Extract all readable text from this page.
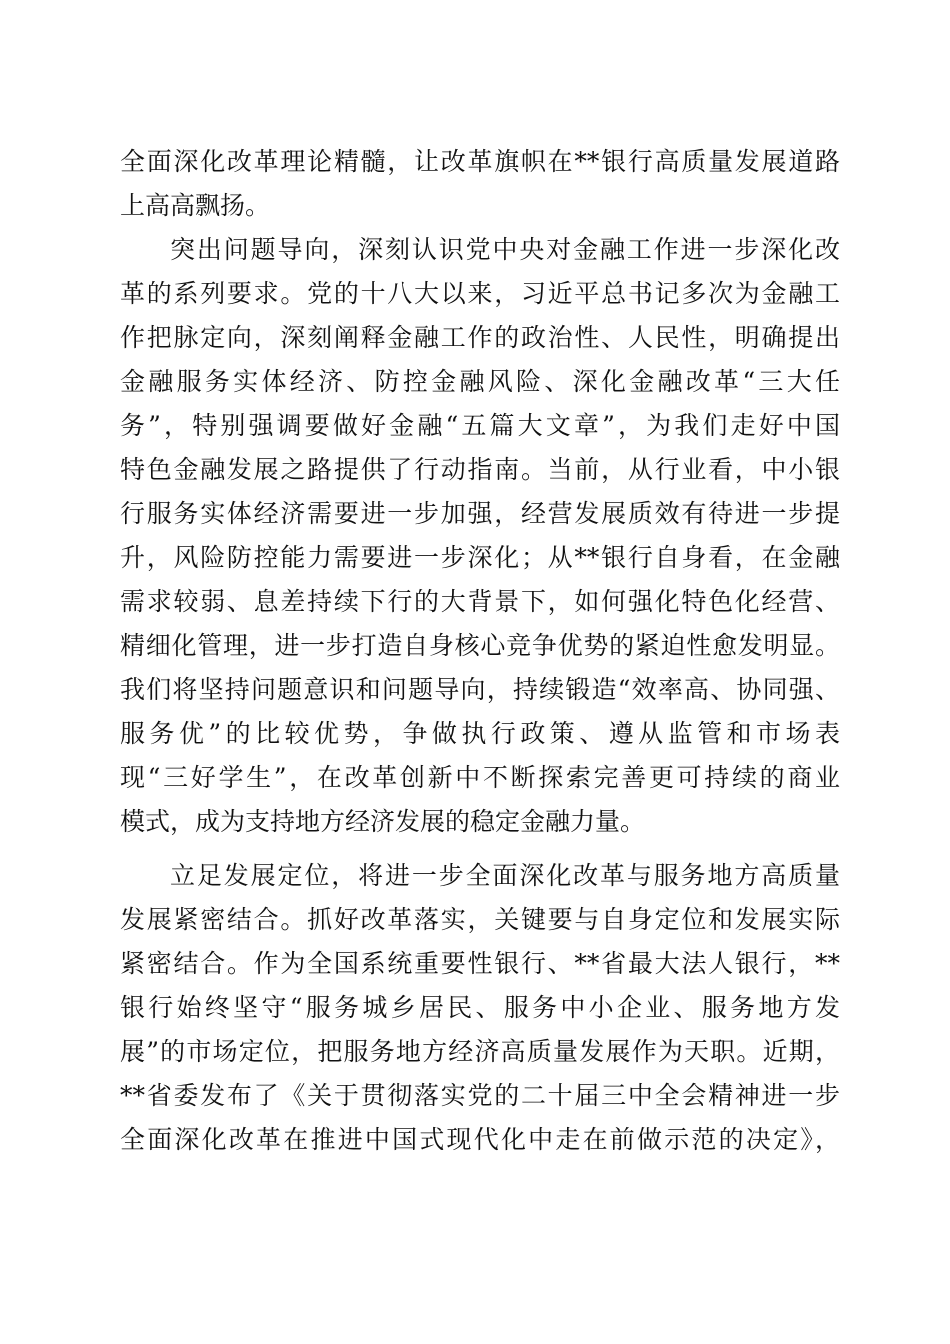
全面深化改革理论精髓，让改革旗帜在**银行高质量发展道路
上高高飘扬。
突出问题导向，深刻认识党中央对金融工作进一步深化改
革的系列要求。党的十八大以来，习近平总书记多次为金融工
作把脉定向，深刻阐释金融工作的政治性、人民性，明确提出
金融服务实体经济、防控金融风险、深化金融改革“三大任
务”，特别强调要做好金融“五篇大文章”，为我们走好中国
特色金融发展之路提供了行动指南。当前，从行业看，中小银
行服务实体经济需要进一步加强，经营发展质效有待进一步提
升，风险防控能力需要进一步深化；从**银行自身看，在金融
需求较弱、息差持续下行的大背景下，如何强化特色化经营、
精细化管理，进一步打造自身核心竞争优势的紧迫性愈发明显。
我们将坚持问题意识和问题导向，持续锻造“效率高、协同强、
服务优”的比较优势，争做执行政策、遵从监管和市场表
现“三好学生”，在改革创新中不断探索完善更可持续的商业
模式，成为支持地方经济发展的稳定金融力量。
立足发展定位，将进一步全面深化改革与服务地方高质量
发展紧密结合。抓好改革落实，关键要与自身定位和发展实际
紧密结合。作为全国系统重要性银行、**省最大法人银行，**
银行始终坚守“服务城乡居民、服务中小企业、服务地方发
展”的市场定位，把服务地方经济高质量发展作为天职。近期，
**省委发布了《关于贯彻落实党的二十届三中全会精神进一步
全面深化改革在推进中国式现代化中走在前做示范的决定》，
